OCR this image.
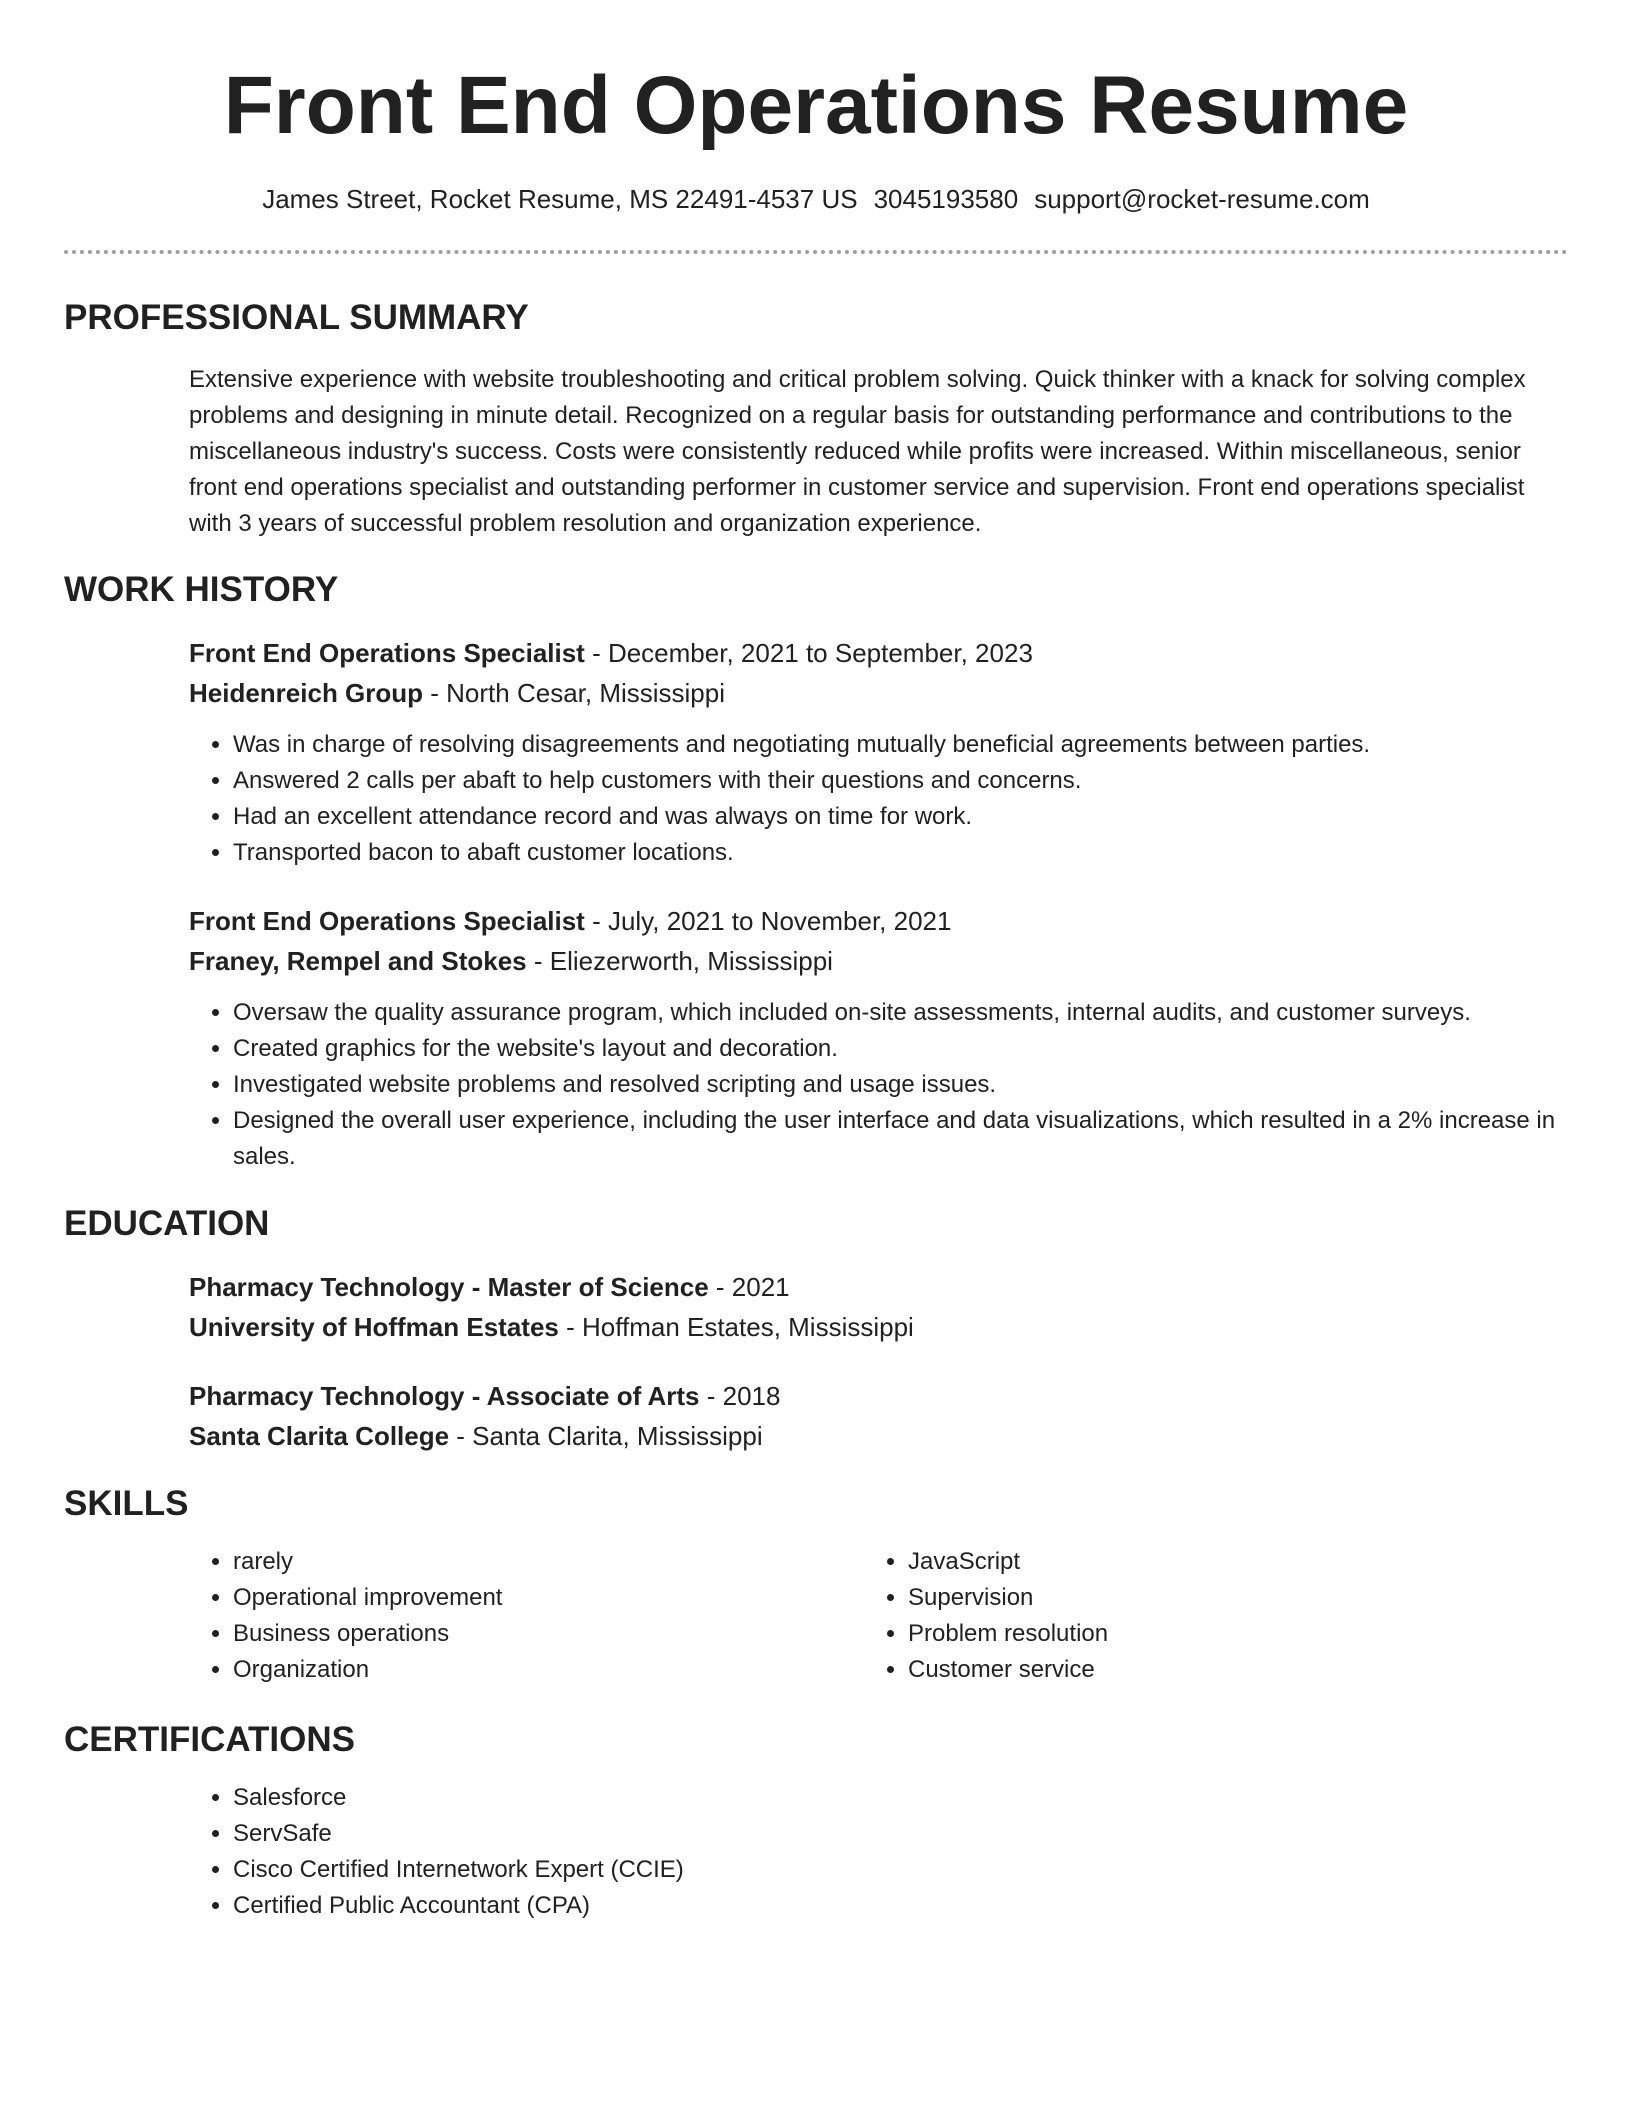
Front End Operations Resume
James Street, Rocket Resume, MS 22491-4537 US 3045193580 support@rocket-resume.com
PROFESSIONAL SUMMARY

Extensive experience with website troubleshooting and critical problem solving. Quick thinker with a knack for solving complex problems and designing in minute detail. Recognized on a regular basis for outstanding performance and contributions to the miscellaneous industry's success. Costs were consistently reduced while profits were increased. Within miscellaneous, senior front end operations specialist and outstanding performer in customer service and supervision. Front end operations specialist with 3 years of successful problem resolution and organization experience.

WORK HISTORY
Front End Operations Specialist - December, 2021 to September, 2023
Heidenreich Group - North Cesar, Mississippi
• Was in charge of resolving disagreements and negotiating mutually beneficial agreements between parties.
• Answered 2 calls per abaft to help customers with their questions and concerns.
• Had an excellent attendance record and was always on time for work.
• Transported bacon to abaft customer locations.
Front End Operations Specialist - July, 2021 to November, 2021
Franey, Rempel and Stokes - Eliezerworth, Mississippi
• Oversaw the quality assurance program, which included on-site assessments, internal audits, and customer surveys.
• Created graphics for the website's layout and decoration.
• Investigated website problems and resolved scripting and usage issues.
• Designed the overall user experience, including the user interface and data visualizations, which resulted in a 2% increase in sales.
EDUCATION
Pharmacy Technology - Master of Science - 2021
University of Hoffman Estates - Hoffman Estates, Mississippi
Pharmacy Technology - Associate of Arts - 2018
Santa Clarita College - Santa Clarita, Mississippi
SKILLS
• rarely
• Operational improvement
• Business operations
• Organization
• JavaScript
• Supervision
• Problem resolution
• Customer service
CERTIFICATIONS
• Salesforce
• ServSafe
• Cisco Certified Internetwork Expert (CCIE)
• Certified Public Accountant (CPA)
